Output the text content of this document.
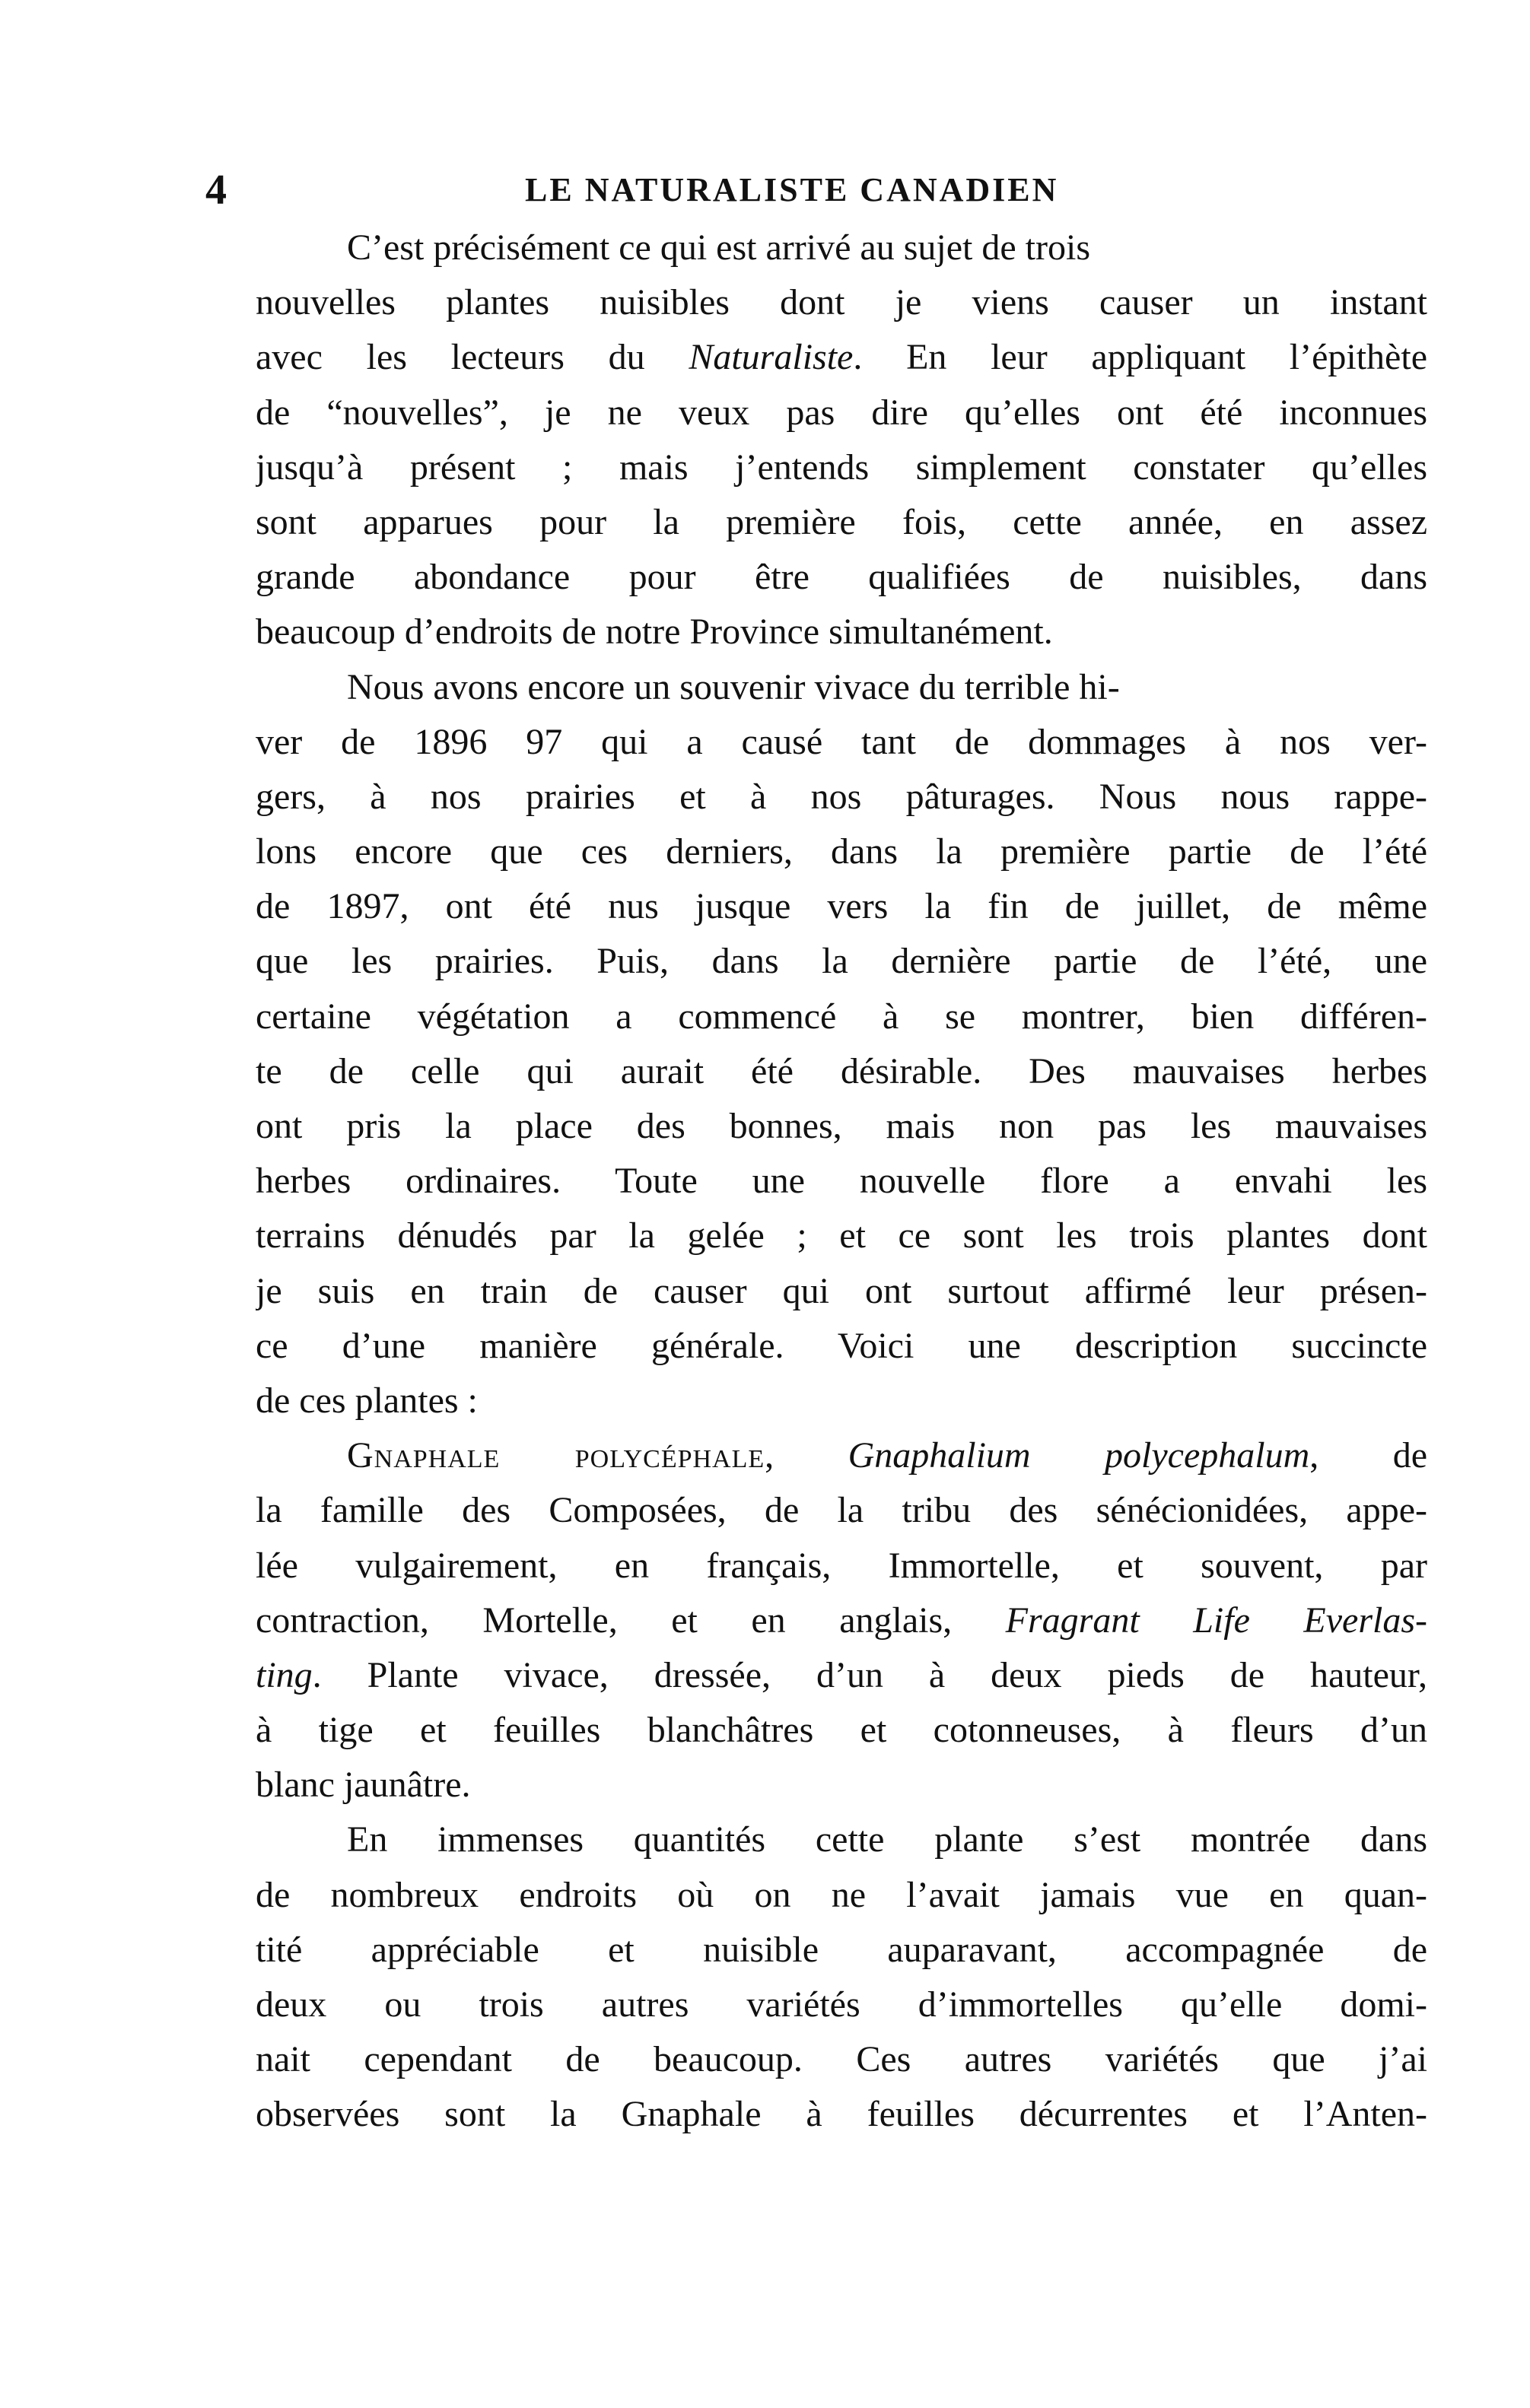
4	LE NATURALISTE CANADIEN
C’est précisément ce qui est arrivé au sujet de trois
nouvelles plantes nuisibles dont je viens causer un instant
avec les lecteurs du Naturaliste. En leur appliquant l’épithète
de “nouvelles”, je ne veux pas dire qu’elles ont été inconnues
jusqu’à présent ; mais j’entends simplement constater qu’elles
sont apparues pour la première fois, cette année, en assez
grande abondance pour être qualifiées de nuisibles, dans
beaucoup d’endroits de notre Province simultanément.
Nous avons encore un souvenir vivace du terrible hi-
ver de 1896 97 qui a causé tant de dommages à nos ver-
gers, à nos prairies et à nos pâturages. Nous nous rappe-
lons encore que ces derniers, dans la première partie de l’été
de 1897, ont été nus jusque vers la fin de juillet, de même
que les prairies. Puis, dans la dernière partie de l’été, une
certaine végétation a commencé à se montrer, bien différen-
te de celle qui aurait été désirable. Des mauvaises herbes
ont pris la place des bonnes, mais non pas les mauvaises
herbes ordinaires. Toute une nouvelle flore a envahi les
terrains dénudés par la gelée ; et ce sont les trois plantes dont
je suis en train de causer qui ont surtout affirmé leur présen-
ce d’une manière générale. Voici une description succincte
de ces plantes :
Gnaphale polycéphale, Gnaphalium polycephalum, de
la famille des Composées, de la tribu des sénécionidées, appe-
lée vulgairement, en français, Immortelle, et souvent, par
contraction, Mortelle, et en anglais, Fragrant Life Everlas-
ting. Plante vivace, dressée, d’un à deux pieds de hauteur,
à tige et feuilles blanchâtres et cotonneuses, à fleurs d’un
blanc jaunâtre.
En immenses quantités cette plante s’est montrée dans
de nombreux endroits où on ne l’avait jamais vue en quan-
tité appréciable et nuisible auparavant, accompagnée de
deux ou trois autres variétés d’immortelles qu’elle domi-
nait cependant de beaucoup. Ces autres variétés que j’ai
observées sont la Gnaphale à feuilles décurrentes et l’Anten-
